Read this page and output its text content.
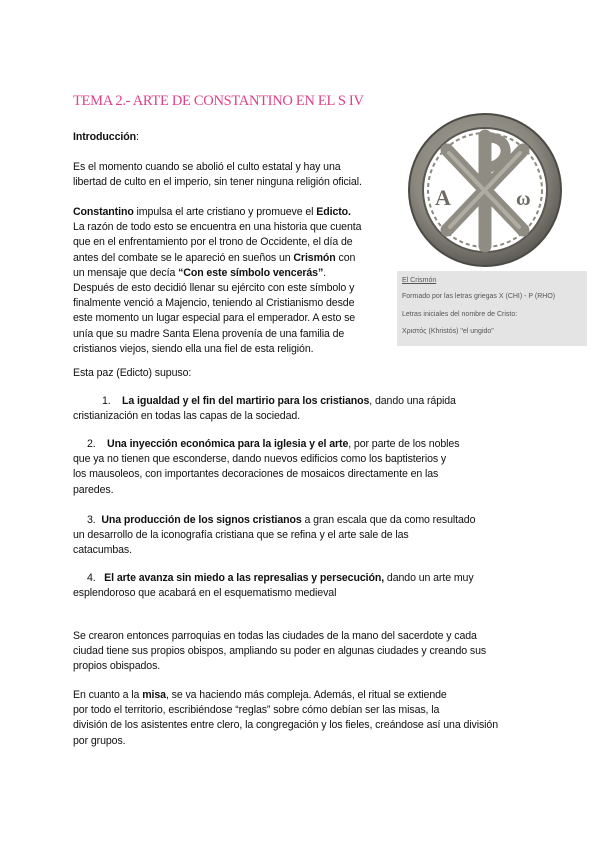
TEMA 2.- ARTE DE CONSTANTINO EN EL S IV
Introducción:
Es el momento cuando se abolió el culto estatal y hay una
libertad de culto en el imperio, sin tener ninguna religión oficial.
Constantino impulsa el arte cristiano y promueve el Edicto.
La razón de todo esto se encuentra en una historia que cuenta
que en el enfrentamiento por el trono de Occidente, el día de
antes del combate se le apareció en sueños un Crismón con
un mensaje que decía “Con este símbolo vencerás”.
Después de esto decidió llenar su ejército con este símbolo y
finalmente venció a Majencio, teniendo al Cristianismo desde
este momento un lugar especial para el emperador. A esto se
unía que su madre Santa Elena provenía de una familia de
cristianos viejos, siendo ella una fiel de esta religión.
A	ω
El Crismón
Formado por las letras griegas X (CHI) - P (RHO)
Letras iniciales del nombre de Cristo:
Χριστός (Khristós) "el ungido"
Esta paz (Edicto) supuso:
1. La igualdad y el fin del martirio para los cristianos, dando una rápida
cristianización en todas las capas de la sociedad.
2. Una inyección económica para la iglesia y el arte, por parte de los nobles
que ya no tienen que esconderse, dando nuevos edificios como los baptisterios y
los mausoleos, con importantes decoraciones de mosaicos directamente en las
paredes.
3. Una producción de los signos cristianos a gran escala que da como resultado
un desarrollo de la iconografía cristiana que se refina y el arte sale de las
catacumbas.
4. El arte avanza sin miedo a las represalias y persecución, dando un arte muy
esplendoroso que acabará en el esquematismo medieval
Se crearon entonces parroquias en todas las ciudades de la mano del sacerdote y cada
ciudad tiene sus propios obispos, ampliando su poder en algunas ciudades y creando sus
propios obispados.
En cuanto a la misa, se va haciendo más compleja. Además, el ritual se extiende
por todo el territorio, escribiéndose “reglas” sobre cómo debían ser las misas, la
división de los asistentes entre clero, la congregación y los fieles, creándose así una división
por grupos.
